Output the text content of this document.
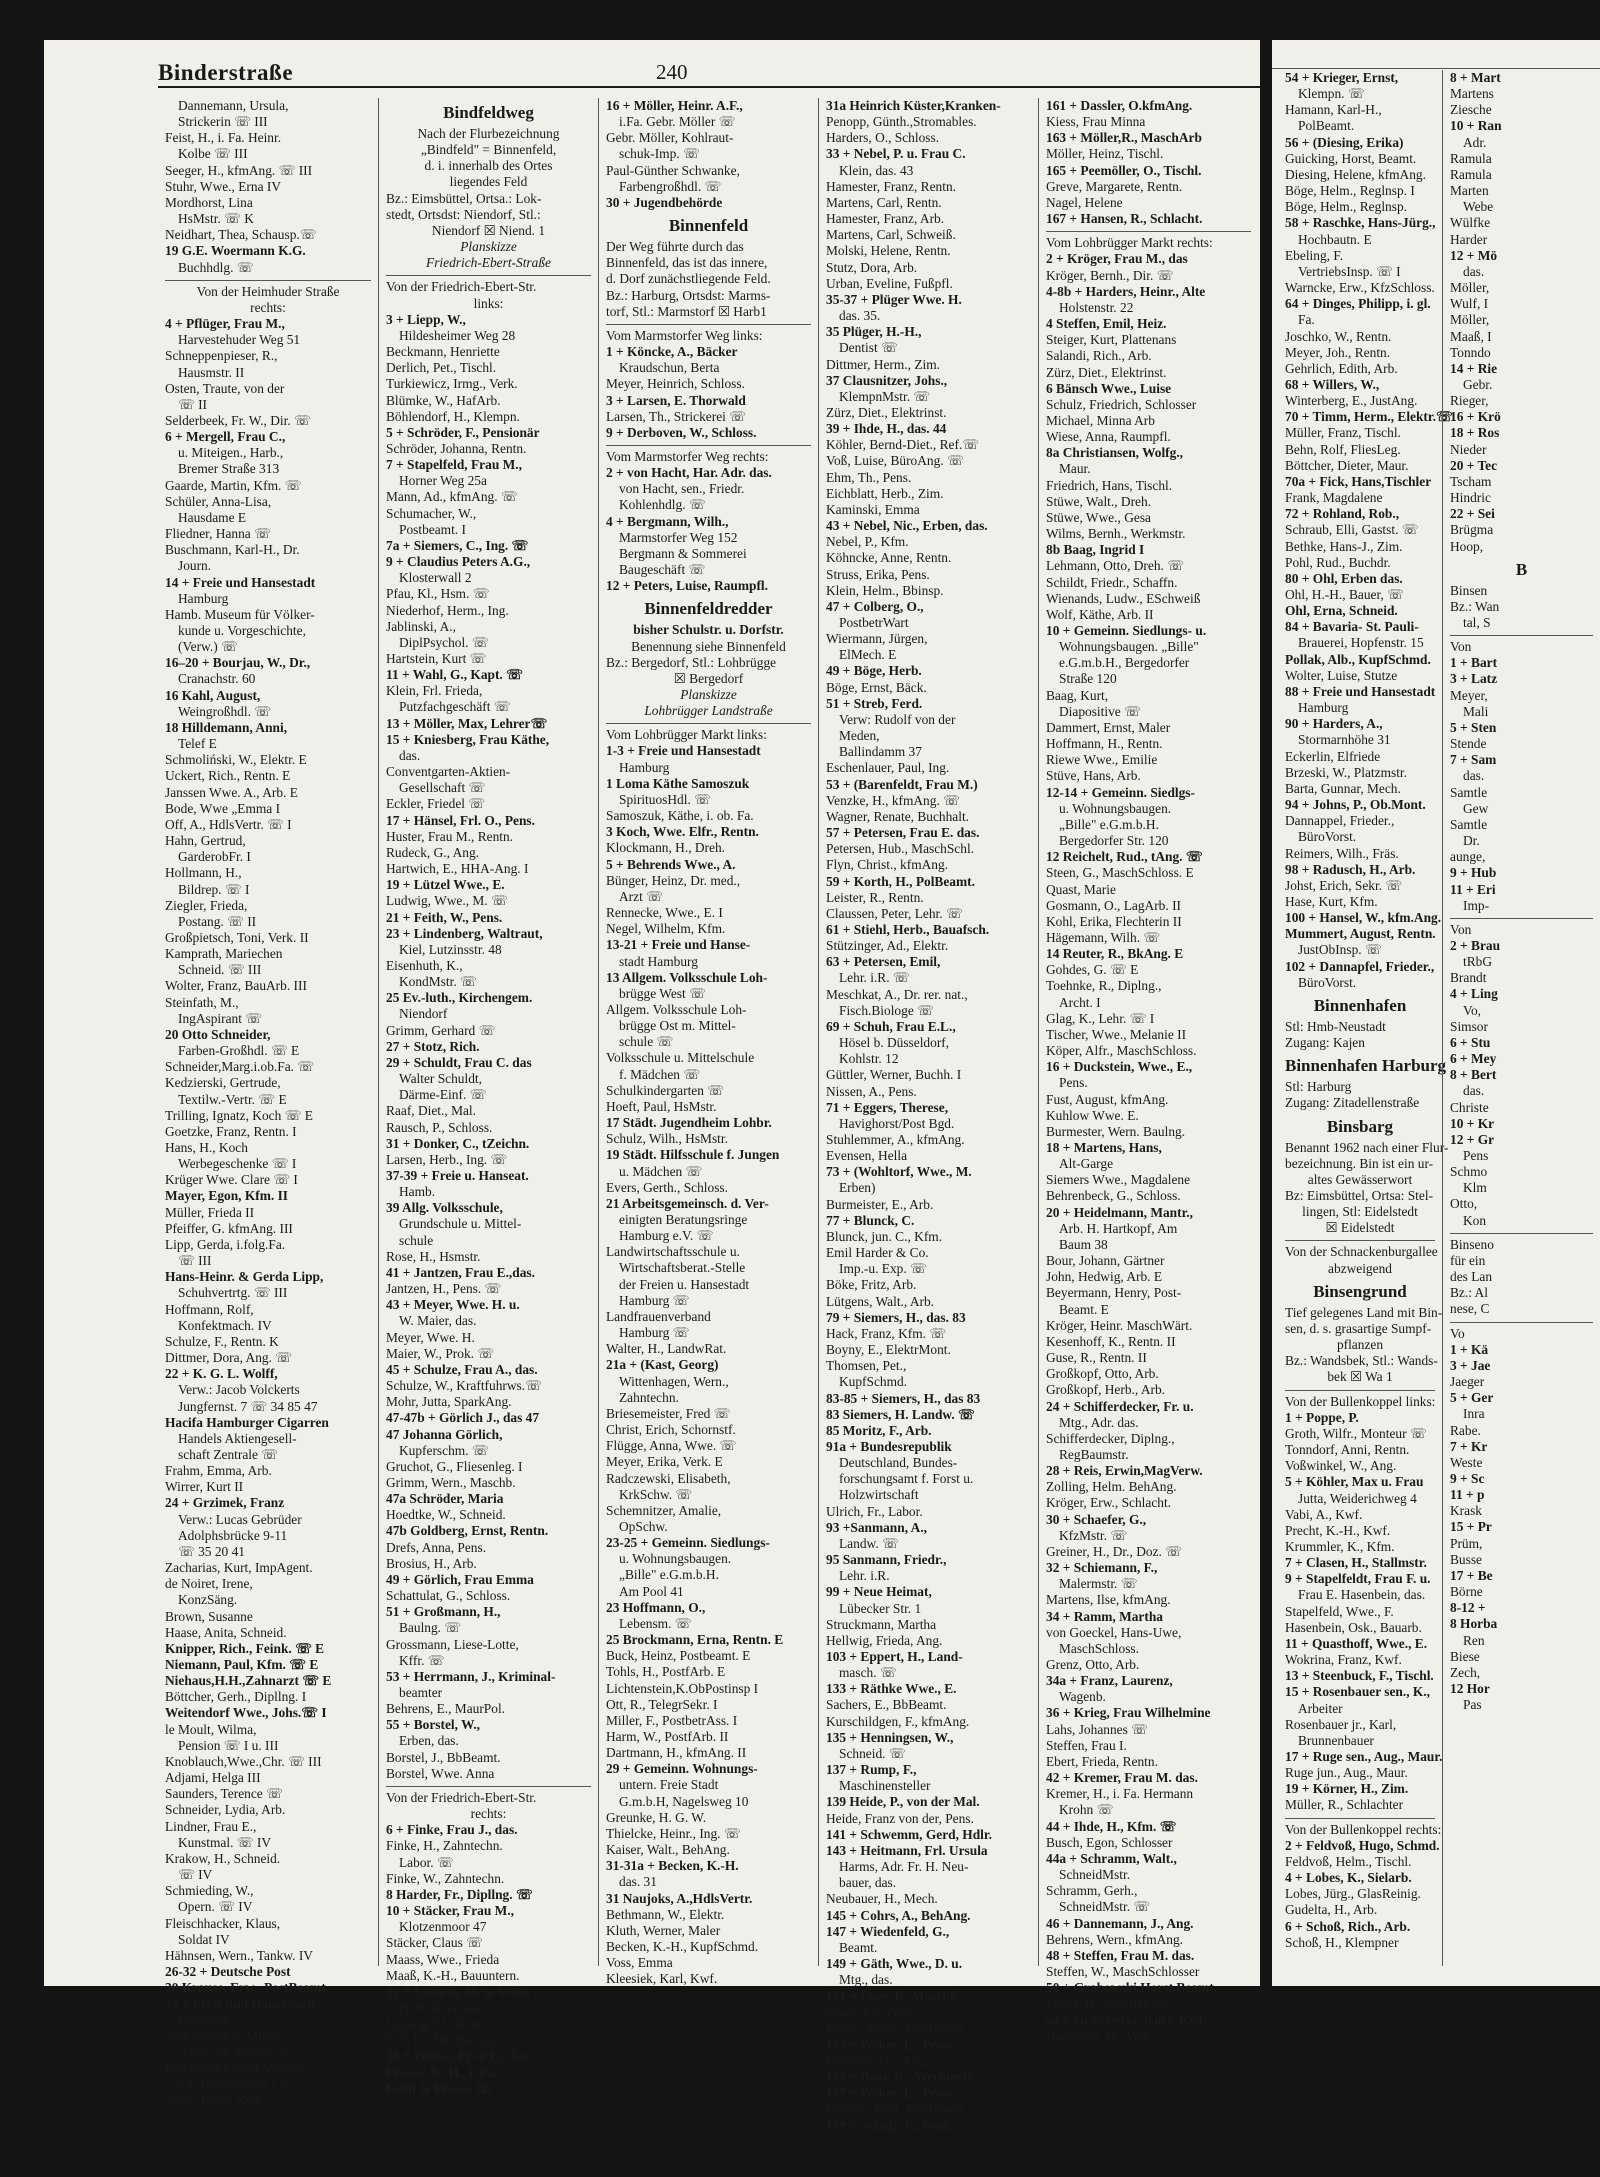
Binderstraße	240
Dannemann, Ursula,
Strickerin ☏ III
Feist, H., i. Fa. Heinr.
Kolbe ☏ III
Seeger, H., kfmAng. ☏ III
Stuhr, Wwe., Erna IV
Mordhorst, Lina
HsMstr. ☏ K
Neidhart, Thea, Schausp.☏
19 G.E. Woermann K.G.
Buchhdlg. ☏
Von der Heimhuder Straße
rechts:
4 + Pflüger, Frau M.,
Harvestehuder Weg 51
Schneppenpieser, R.,
Hausmstr. II
Osten, Traute, von der
☏ II
Selderbeek, Fr. W., Dir. ☏
6 + Mergell, Frau C.,
u. Miteigen., Harb.,
Bremer Straße 313
Gaarde, Martin, Kfm. ☏
Schüler, Anna-Lisa,
Hausdame E
Fliedner, Hanna ☏
Buschmann, Karl-H., Dr.
Journ.
14 + Freie und Hansestadt
Hamburg
Hamb. Museum für Völker-
kunde u. Vorgeschichte,
(Verw.) ☏
16–20 + Bourjau, W., Dr.,
Cranachstr. 60
16 Kahl, August,
Weingroßhdl. ☏
18 Hilldemann, Anni,
Telef E
Schmoliński, W., Elektr. E
Uckert, Rich., Rentn. E
Janssen Wwe. A., Arb. E
Bode, Wwe „Emma I
Off, A., HdlsVertr. ☏ I
Hahn, Gertrud,
GarderobFr. I
Hollmann, H.,
Bildrep. ☏ I
Ziegler, Frieda,
Postang. ☏ II
Großpietsch, Toni, Verk. II
Kamprath, Mariechen
Schneid. ☏ III
Wolter, Franz, BauArb. III
Steinfath, M.,
IngAspirant ☏
20 Otto Schneider,
Farben-Großhdl. ☏ E
Schneider,Marg.i.ob.Fa. ☏
Kedzierski, Gertrude,
Textilw.-Vertr. ☏ E
Trilling, Ignatz, Koch ☏ E
Goetzke, Franz, Rentn. I
Hans, H., Koch
Werbegeschenke ☏ I
Krüger Wwe. Clare ☏ I
Mayer, Egon, Kfm. II
Müller, Frieda II
Pfeiffer, G. kfmAng. III
Lipp, Gerda, i.folg.Fa.
☏ III
Hans-Heinr. & Gerda Lipp,
Schuhvertrtg. ☏ III
Hoffmann, Rolf,
Konfektmach. IV
Schulze, F., Rentn. K
Dittmer, Dora, Ang. ☏
22 + K. G. L. Wolff,
Verw.: Jacob Volckerts
Jungfernst. 7 ☏ 34 85 47
Hacifa Hamburger Cigarren
Handels Aktiengesell-
schaft Zentrale ☏
Frahm, Emma, Arb.
Wirrer, Kurt II
24 + Grzimek, Franz
Verw.: Lucas Gebrüder
Adolphsbrücke 9-11
☏ 35 20 41
Zacharias, Kurt, ImpAgent.
de Noiret, Irene,
KonzSäng.
Brown, Susanne
Haase, Anita, Schneid.
Knipper, Rich., Feink. ☏ E
Niemann, Paul, Kfm. ☏ E
Niehaus,H.H.,Zahnarzt ☏ E
Böttcher, Gerh., Dipllng. I
Weitendorf Wwe., Johs.☏ I
le Moult, Wilma,
Pension ☏ I u. III
Knoblauch,Wwe.,Chr. ☏ III
Adjami, Helga III
Saunders, Terence ☏
Schneider, Lydia, Arb.
Lindner, Frau E.,
Kunstmal. ☏ IV
Krakow, H., Schneid.
☏ IV
Schmieding, W.,
Opern. ☏ IV
Fleischhacker, Klaus,
Soldat IV
Hähnsen, Wern., Tankw. IV
26-32 + Deutsche Post
30 Krause, Erw., PostBeamt.
34 + Freie und Hansestadt
Hamburg
Volksschule u. Mittel-
schule für Jungen ☏
Pestalozzi-Fröbel-Verband
e.V. (Geschäftsst.) ☏
Witte, Ernst, Kwf.
Bindfeldweg
Nach der Flurbezeichnung
„Bindfeld" = Binnenfeld,
d. i. innerhalb des Ortes
liegendes Feld
Bz.: Eimsbüttel, Ortsa.: Lok-
stedt, Ortsdst: Niendorf, Stl.:
Niendorf ☒ Niend. 1
Planskizze
Friedrich-Ebert-Straße
Von der Friedrich-Ebert-Str.
links:
3 + Liepp, W.,
Hildesheimer Weg 28
Beckmann, Henriette
Derlich, Pet., Tischl.
Turkiewicz, Irmg., Verk.
Blümke, W., HafArb.
Böhlendorf, H., Klempn.
5 + Schröder, F., Pensionär
Schröder, Johanna, Rentn.
7 + Stapelfeld, Frau M.,
Horner Weg 25a
Mann, Ad., kfmAng. ☏
Schumacher, W.,
Postbeamt. I
7a + Siemers, C., Ing. ☏
9 + Claudius Peters A.G.,
Klosterwall 2
Pfau, Kl., Hsm. ☏
Niederhof, Herm., Ing.
Jablinski, A.,
DiplPsychol. ☏
Hartstein, Kurt ☏
11 + Wahl, G., Kapt. ☏
Klein, Frl. Frieda,
Putzfachgeschäft ☏
13 + Möller, Max, Lehrer☏
15 + Kniesberg, Frau Käthe,
das.
Conventgarten-Aktien-
Gesellschaft ☏
Eckler, Friedel ☏
17 + Hänsel, Frl. O., Pens.
Huster, Frau M., Rentn.
Rudeck, G., Ang.
Hartwich, E., HHA-Ang. I
19 + Lützel Wwe., E.
Ludwig, Wwe., M. ☏
21 + Feith, W., Pens.
23 + Lindenberg, Waltraut,
Kiel, Lutzinsstr. 48
Eisenhuth, K.,
KondMstr. ☏
25 Ev.-luth., Kirchengem.
Niendorf
Grimm, Gerhard ☏
27 + Stotz, Rich.
29 + Schuldt, Frau C. das
Walter Schuldt,
Därme-Einf. ☏
Raaf, Diet., Mal.
Rausch, P., Schloss.
31 + Donker, C., tZeichn.
Larsen, Herb., Ing. ☏
37-39 + Freie u. Hanseat.
Hamb.
39 Allg. Volksschule,
Grundschule u. Mittel-
schule
Rose, H., Hsmstr.
41 + Jantzen, Frau E.,das.
Jantzen, H., Pens. ☏
43 + Meyer, Wwe. H. u.
W. Maier, das.
Meyer, Wwe. H.
Maier, W., Prok. ☏
45 + Schulze, Frau A., das.
Schulze, W., Kraftfuhrws.☏
Mohr, Jutta, SparkAng.
47-47b + Görlich J., das 47
47 Johanna Görlich,
Kupferschm. ☏
Gruchot, G., Fliesenleg. I
Grimm, Wern., Maschb.
47a Schröder, Maria
Hoedtke, W., Schneid.
47b Goldberg, Ernst, Rentn.
Drefs, Anna, Pens.
Brosius, H., Arb.
49 + Görlich, Frau Emma
Schattulat, G., Schloss.
51 + Großmann, H.,
Baulng. ☏
Grossmann, Liese-Lotte,
Kffr. ☏
53 + Herrmann, J., Kriminal-
beamter
Behrens, E., MaurPol.
55 + Borstel, W.,
Erben, das.
Borstel, J., BbBeamt.
Borstel, Wwe. Anna
Von der Friedrich-Ebert-Str.
rechts:
6 + Finke, Frau J., das.
Finke, H., Zahntechn.
Labor. ☏
Finke, W., Zahntechn.
8 Harder, Fr., Dipllng. ☏
10 + Stäcker, Frau M.,
Klotzenmoor 47
Stäcker, Claus ☏
Maass, Wwe., Frieda
Maaß, K.-H., Bauuntern.
12 + Ludwig, M. u. Wwe.
H. Wolters, das.
Ludwig, M., Kfm. ☏
Fuß, K., Dr., Biologe
14 + Preuss, Frau E., das.
Preuss, K.-H., i. Fa.
Foldt & Preuss ☏
16 + Möller, Heinr. A.F.,
i.Fa. Gebr. Möller ☏
Gebr. Möller, Kohlraut-
schuk-Imp. ☏
Paul-Günther Schwanke,
Farbengroßhdl. ☏
30 + Jugendbehörde
Binnenfeld
Der Weg führte durch das
Binnenfeld, das ist das innere,
d. Dorf zunächstliegende Feld.
Bz.: Harburg, Ortsdst: Marms-
torf, Stl.: Marmstorf ☒ Harb1
Vom Marmstorfer Weg links:
1 + Köncke, A., Bäcker
Kraudschun, Berta
Meyer, Heinrich, Schloss.
3 + Larsen, E. Thorwald
Larsen, Th., Strickerei ☏
9 + Derboven, W., Schloss.
Vom Marmstorfer Weg rechts:
2 + von Hacht, Har. Adr. das.
von Hacht, sen., Friedr.
Kohlenhdlg. ☏
4 + Bergmann, Wilh.,
Marmstorfer Weg 152
Bergmann & Sommerei
Baugeschäft ☏
12 + Peters, Luise, Raumpfl.
Binnenfeldredder
bisher Schulstr. u. Dorfstr.
Benennung siehe Binnenfeld
Bz.: Bergedorf, Stl.: Lohbrügge
☒ Bergedorf
Planskizze
Lohbrügger Landstraße
Vom Lohbrügger Markt links:
1-3 + Freie und Hansestadt
Hamburg
1 Loma Käthe Samoszuk
SpirituosHdl. ☏
Samoszuk, Käthe, i. ob. Fa.
3 Koch, Wwe. Elfr., Rentn.
Klockmann, H., Dreh.
5 + Behrends Wwe., A.
Bünger, Heinz, Dr. med.,
Arzt ☏
Rennecke, Wwe., E. I
Negel, Wilhelm, Kfm.
13-21 + Freie und Hanse-
stadt Hamburg
13 Allgem. Volksschule Loh-
brügge West ☏
Allgem. Volksschule Loh-
brügge Ost m. Mittel-
schule ☏
Volksschule u. Mittelschule
f. Mädchen ☏
Schulkindergarten ☏
Hoeft, Paul, HsMstr.
17 Städt. Jugendheim Lohbr.
Schulz, Wilh., HsMstr.
19 Städt. Hilfsschule f. Jungen
u. Mädchen ☏
Evers, Gerth., Schloss.
21 Arbeitsgemeinsch. d. Ver-
einigten Beratungsringe
Hamburg e.V. ☏
Landwirtschaftsschule u.
Wirtschaftsberat.-Stelle
der Freien u. Hansestadt
Hamburg ☏
Landfrauenverband
Hamburg ☏
Walter, H., LandwRat.
21a + (Kast, Georg)
Wittenhagen, Wern.,
Zahntechn.
Briesemeister, Fred ☏
Christ, Erich, Schornstf.
Flügge, Anna, Wwe. ☏
Meyer, Erika, Verk. E
Radczewski, Elisabeth,
KrkSchw. ☏
Schemnitzer, Amalie,
OpSchw.
23-25 + Gemeinn. Siedlungs-
u. Wohnungsbaugen.
„Bille" e.G.m.b.H.
Am Pool 41
23 Hoffmann, O.,
Lebensm. ☏
25 Brockmann, Erna, Rentn. E
Buck, Heinz, Postbeamt. E
Tohls, H., PostfArb. E
Lichtenstein,K.ObPostinsp I
Ott, R., TelegrSekr. I
Miller, F., PostbetrAss. I
Harm, W., PostfArb. II
Dartmann, H., kfmAng. II
29 + Gemeinn. Wohnungs-
untern. Freie Stadt
G.m.b.H, Nagelsweg 10
Greunke, H. G. W.
Thielcke, Heinr., Ing. ☏
Kaiser, Walt., BehAng.
31-31a + Becken, K.-H.
das. 31
31 Naujoks, A.,HdlsVertr.
Bethmann, W., Elektr.
Kluth, Werner, Maler
Becken, K.-H., KupfSchmd.
Voss, Emma
Kleesiek, Karl, Kwf.
31a Heinrich Küster,Kranken-
Penopp, Günth.,Stromables.
Harders, O., Schloss.
33 + Nebel, P. u. Frau C.
Klein, das. 43
Hamester, Franz, Rentn.
Martens, Carl, Rentn.
Hamester, Franz, Arb.
Martens, Carl, Schweiß.
Molski, Helene, Rentn.
Stutz, Dora, Arb.
Urban, Eveline, Fußpfl.
35-37 + Plüger Wwe. H.
das. 35.
35 Plüger, H.-H.,
Dentist ☏
Dittmer, Herm., Zim.
37 Clausnitzer, Johs.,
KlempnMstr. ☏
Zürz, Diet., Elektrinst.
39 + Ihde, H., das. 44
Köhler, Bernd-Diet., Ref.☏
Voß, Luise, BüroAng. ☏
Ehm, Th., Pens.
Eichblatt, Herb., Zim.
Kaminski, Emma
43 + Nebel, Nic., Erben, das.
Nebel, P., Kfm.
Köhncke, Anne, Rentn.
Struss, Erika, Pens.
Klein, Helm., Bbinsp.
47 + Colberg, O.,
PostbetrWart
Wiermann, Jürgen,
ElMech. E
49 + Böge, Herb.
Böge, Ernst, Bäck.
51 + Streb, Ferd.
Verw: Rudolf von der
Meden,
Ballindamm 37
Eschenlauer, Paul, Ing.
53 + (Barenfeldt, Frau M.)
Venzke, H., kfmAng. ☏
Wagner, Renate, Buchhalt.
57 + Petersen, Frau E. das.
Petersen, Hub., MaschSchl.
Flyn, Christ., kfmAng.
59 + Korth, H., PolBeamt.
Leister, R., Rentn.
Claussen, Peter, Lehr. ☏
61 + Stiehl, Herb., Bauafsch.
Stützinger, Ad., Elektr.
63 + Petersen, Emil,
Lehr. i.R. ☏
Meschkat, A., Dr. rer. nat.,
Fisch.Biologe ☏
69 + Schuh, Frau E.L.,
Hösel b. Düsseldorf,
Kohlstr. 12
Güttler, Werner, Buchh. I
Nissen, A., Pens.
71 + Eggers, Therese,
Havighorst/Post Bgd.
Stuhlemmer, A., kfmAng.
Evensen, Hella
73 + (Wohltorf, Wwe., M.
Erben)
Burmeister, E., Arb.
77 + Blunck, C.
Blunck, jun. C., Kfm.
Emil Harder & Co.
Imp.-u. Exp. ☏
Böke, Fritz, Arb.
Lütgens, Walt., Arb.
79 + Siemers, H., das. 83
Hack, Franz, Kfm. ☏
Boyny, E., ElektrMont.
Thomsen, Pet.,
KupfSchmd.
83-85 + Siemers, H., das 83
83 Siemers, H. Landw. ☏
85 Moritz, F., Arb.
91a + Bundesrepublik
Deutschland, Bundes-
forschungsamt f. Forst u.
Holzwirtschaft
Ulrich, Fr., Labor.
93 +Sanmann, A.,
Landw. ☏
95 Sanmann, Friedr.,
Lehr. i.R.
99 + Neue Heimat,
Lübecker Str. 1
Struckmann, Martha
Hellwig, Frieda, Ang.
103 + Eppert, H., Land-
masch. ☏
133 + Räthke Wwe., E.
Sachers, E., BbBeamt.
Kurschildgen, F., kfmAng.
135 + Henningsen, W.,
Schneid. ☏
137 + Rump, F.,
Maschinensteller
139 Heide, P., von der Mal.
Heide, Franz von der, Pens.
141 + Schwemm, Gerd, Hdlr.
143 + Heitmann, Frl. Ursula
Harms, Adr. Fr. H. Neu-
bauer, das.
Neubauer, H., Mech.
145 + Cohrs, A., BehAng.
147 + Wiedenfeld, G.,
Beamt.
149 + Gäth, Wwe., D. u.
Mtg., das.
151 + Foge, P., MaschB.
Naatz, Eli, Pens.
Weber, Wern., PostBeamt.
153 + Weber, E., Pens.
Ludolph, Ph., Ang.
155 + Baar, K., Werkmstr.
157 + Weber, L., Pens.
Heyden, Kurt, PostBeamt.
159 + Schulz, P., Pens.
161 + Dassler, O.kfmAng.
Kiess, Frau Minna
163 + Möller,R., MaschArb
Möller, Heinz, Tischl.
165 + Peemöller, O., Tischl.
Greve, Margarete, Rentn.
Nagel, Helene
167 + Hansen, R., Schlacht.
Vom Lohbrügger Markt rechts:
2 + Kröger, Frau M., das
Kröger, Bernh., Dir. ☏
4-8b + Harders, Heinr., Alte
Holstenstr. 22
4 Steffen, Emil, Heiz.
Steiger, Kurt, Plattenans
Salandi, Rich., Arb.
Zürz, Diet., Elektrinst.
6 Bänsch Wwe., Luise
Schulz, Friedrich, Schlosser
Michael, Minna Arb
Wiese, Anna, Raumpfl.
8a Christiansen, Wolfg.,
Maur.
Friedrich, Hans, Tischl.
Stüwe, Walt., Dreh.
Stüwe, Wwe., Gesa
Wilms, Bernh., Werkmstr.
8b Baag, Ingrid I
Lehmann, Otto, Dreh. ☏
Schildt, Friedr., Schaffn.
Wienands, Ludw., ESchweiß
Wolf, Käthe, Arb. II
10 + Gemeinn. Siedlungs- u.
Wohnungsbaugen. „Bille"
e.G.m.b.H., Bergedorfer
Straße 120
Baag, Kurt,
Diapositive ☏
Dammert, Ernst, Maler
Hoffmann, H., Rentn.
Riewe Wwe., Emilie
Stüve, Hans, Arb.
12-14 + Gemeinn. Siedlgs-
u. Wohnungsbaugen.
„Bille" e.G.m.b.H.
Bergedorfer Str. 120
12 Reichelt, Rud., tAng. ☏
Steen, G., MaschSchloss. E
Quast, Marie
Gosmann, O., LagArb. II
Kohl, Erika, Flechterin II
Hägemann, Wilh. ☏
14 Reuter, R., BkAng. E
Gohdes, G. ☏ E
Toehnke, R., Diplng.,
Archt. I
Glag, K., Lehr. ☏ I
Tischer, Wwe., Melanie II
Köper, Alfr., MaschSchloss.
16 + Duckstein, Wwe., E.,
Pens.
Fust, August, kfmAng.
Kuhlow Wwe. E.
Burmester, Wern. Baulng.
18 + Martens, Hans,
Alt-Garge
Siemers Wwe., Magdalene
Behrenbeck, G., Schloss.
20 + Heidelmann, Mantr.,
Arb. H. Hartkopf, Am
Baum 38
Bour, Johann, Gärtner
John, Hedwig, Arb. E
Beyermann, Henry, Post-
Beamt. E
Kröger, Heinr. MaschWärt.
Kesenhoff, K., Rentn. II
Guse, R., Rentn. II
Großkopf, Otto, Arb.
Großkopf, Herb., Arb.
24 + Schifferdecker, Fr. u.
Mtg., Adr. das.
Schifferdecker, Diplng.,
RegBaumstr.
28 + Reis, Erwin,MagVerw.
Zolling, Helm. BehAng.
Kröger, Erw., Schlacht.
30 + Schaefer, G.,
KfzMstr. ☏
Greiner, H., Dr., Doz. ☏
32 + Schiemann, F.,
Malermstr. ☏
Martens, Ilse, kfmAng.
34 + Ramm, Martha
von Goeckel, Hans-Uwe,
MaschSchloss.
Grenz, Otto, Arb.
34a + Franz, Laurenz,
Wagenb.
36 + Krieg, Frau Wilhelmine
Lahs, Johannes ☏
Steffen, Frau I.
Ebert, Frieda, Rentn.
42 + Kremer, Frau M. das.
Kremer, H., i. Fa. Hermann
Krohn ☏
44 + Ihde, H., Kfm. ☏
Busch, Egon, Schlosser
44a + Schramm, Walt.,
SchneidMstr.
Schramm, Gerh.,
SchneidMstr. ☏
46 + Dannemann, J., Ang.
Behrens, Wern., kfmAng.
48 + Steffen, Frau M. das.
Steffen, W., MaschSchlosser
50 + Grabowski,Horst,Beamt.
Friese, H., SchiffsZim.
52 + Grabowski, Kurt, Kwf.
Harbrecht, H., Verk.
54 + Krieger, Ernst,
Klempn. ☏
Hamann, Karl-H.,
PolBeamt.
56 + (Diesing, Erika)
Guicking, Horst, Beamt.
Diesing, Helene, kfmAng.
Böge, Helm., Reglnsp. I
Böge, Helm., Reglnsp.
58 + Raschke, Hans-Jürg.,
Hochbautn. E
Ebeling, F.
VertriebsInsp. ☏ I
Warncke, Erw., KfzSchloss.
64 + Dinges, Philipp, i. gl.
Fa.
Joschko, W., Rentn.
Meyer, Joh., Rentn.
Gehrlich, Edith, Arb.
68 + Willers, W.,
Winterberg, E., JustAng.
70 + Timm, Herm., Elektr.☏
Müller, Franz, Tischl.
Behn, Rolf, FliesLeg.
Böttcher, Dieter, Maur.
70a + Fick, Hans,Tischler
Frank, Magdalene
72 + Rohland, Rob.,
Schraub, Elli, Gastst. ☏
Bethke, Hans-J., Zim.
Pohl, Rud., Buchdr.
80 + Ohl, Erben das.
Ohl, H.-H., Bauer, ☏
Ohl, Erna, Schneid.
84 + Bavaria- St. Pauli-
Brauerei, Hopfenstr. 15
Pollak, Alb., KupfSchmd.
Wolter, Luise, Stutze
88 + Freie und Hansestadt
Hamburg
90 + Harders, A.,
Stormarnhöhe 31
Eckerlin, Elfriede
Brzeski, W., Platzmstr.
Barta, Gunnar, Mech.
94 + Johns, P., Ob.Mont.
Dannappel, Frieder.,
BüroVorst.
Reimers, Wilh., Fräs.
98 + Radusch, H., Arb.
Johst, Erich, Sekr. ☏
Hase, Kurt, Kfm.
100 + Hansel, W., kfm.Ang.
Mummert, August, Rentn.
JustObInsp. ☏
102 + Dannapfel, Frieder.,
BüroVorst.
Binnenhafen
Stl: Hmb-Neustadt
Zugang: Kajen
Binnenhafen Harburg
Stl: Harburg
Zugang: Zitadellenstraße
Binsbarg
Benannt 1962 nach einer Flur-
bezeichnung. Bin ist ein ur-
altes Gewässerwort
Bz: Eimsbüttel, Ortsa: Stel-
lingen, Stl: Eidelstedt
☒ Eidelstedt
Von der Schnackenburgallee
abzweigend
Binsengrund
Tief gelegenes Land mit Bin-
sen, d. s. grasartige Sumpf-
pflanzen
Bz.: Wandsbek, Stl.: Wands-
bek ☒ Wa 1
Von der Bullenkoppel links:
1 + Poppe, P.
Groth, Wilfr., Monteur ☏
Tonndorf, Anni, Rentn.
Voßwinkel, W., Ang.
5 + Köhler, Max u. Frau
Jutta, Weiderichweg 4
Vabi, A., Kwf.
Precht, K.-H., Kwf.
Krummler, K., Kfm.
7 + Clasen, H., Stallmstr.
9 + Stapelfeldt, Frau F. u.
Frau E. Hasenbein, das.
Stapelfeld, Wwe., F.
Hasenbein, Osk., Bauarb.
11 + Quasthoff, Wwe., E.
Wokrina, Franz, Kwf.
13 + Steenbuck, F., Tischl.
15 + Rosenbauer sen., K.,
Arbeiter
Rosenbauer jr., Karl,
Brunnenbauer
17 + Ruge sen., Aug., Maur.
Ruge jun., Aug., Maur.
19 + Körner, H., Zim.
Müller, R., Schlachter
Von der Bullenkoppel rechts:
2 + Feldvoß, Hugo, Schmd.
Feldvoß, Helm., Tischl.
4 + Lobes, K., Sielarb.
Lobes, Jürg., GlasReinig.
Gudelta, H., Arb.
6 + Schoß, Rich., Arb.
Schoß, H., Klempner
8 + Mart
Martens
Ziesche
10 + Ran
Adr.
Ramula
Ramula
Marten
Webe
Wülfke
Harder
12 + Mö
das.
Möller,
Wulf, I
Möller,
Maaß, I
Tonndo
14 + Rie
Gebr.
Rieger,
16 + Krö
18 + Ros
Nieder
20 + Tec
Tscham
Hindric
22 + Sei
Brügma
Hoop,
B
Binsen
Bz.: Wan
tal, S
Von
1 + Bart
3 + Latz
Meyer,
Mali
5 + Sten
Stende
7 + Sam
das.
Samtle
Gew
Samtle
Dr.
aunge,
9 + Hub
11 + Eri
Imp-
Von
2 + Brau
tRbG
Brandt
4 + Ling
Vo,
Simsor
6 + Stu
6 + Mey
8 + Bert
das.
Christe
10 + Kr
12 + Gr
Pens
Schmo
Klm
Otto,
Kon
Binseno
für ein
des Lan
Bz.: Al
nese, C
Vo
1 + Kä
3 + Jae
Jaeger
5 + Ger
Inra
Rabe.
7 + Kr
Weste
9 + Sc
11 + p
Krask
15 + Pr
Prüm,
Busse
17 + Be
Börne
8-12 +
8 Horba
Ren
Biese
Zech,
12 Hor
Pas
